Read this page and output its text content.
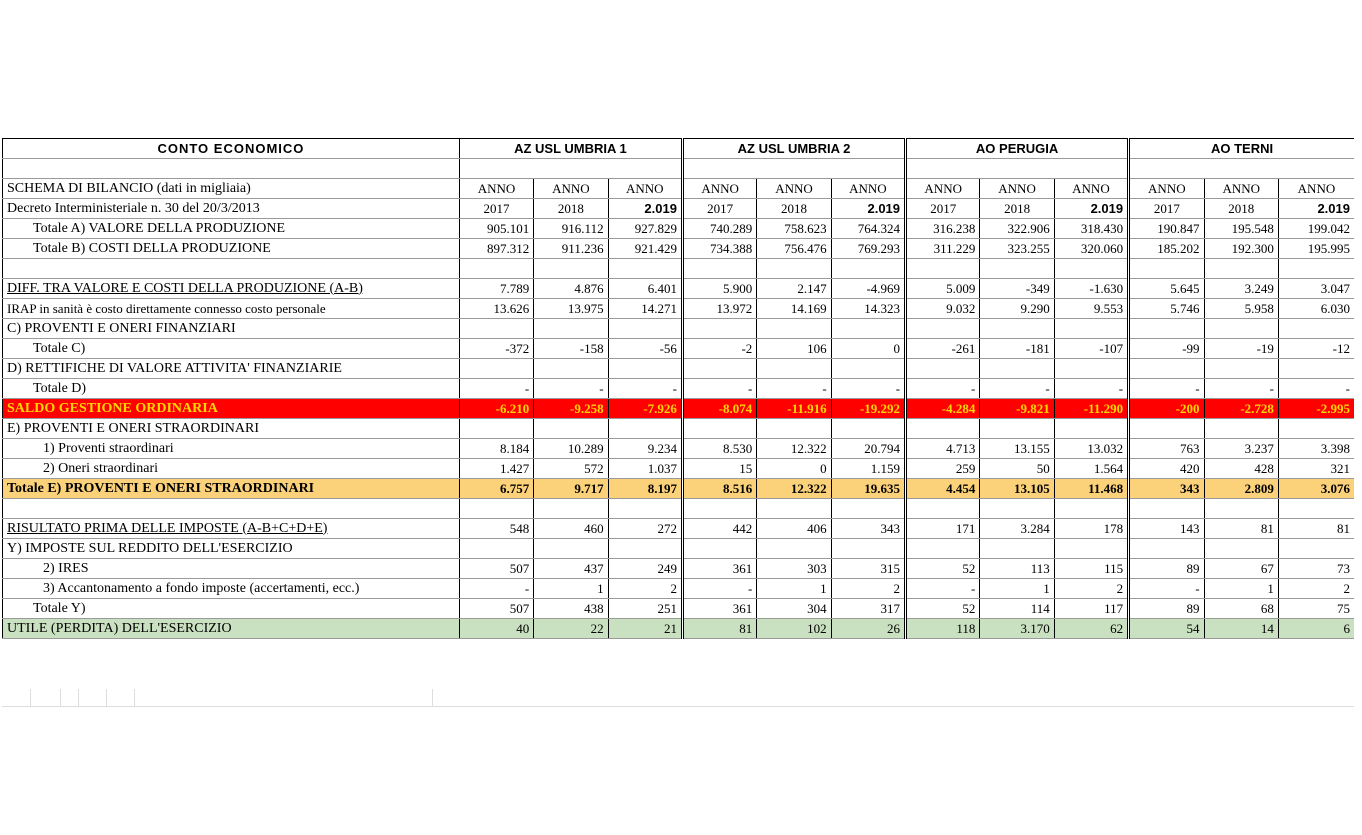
CONTO ECONOMICO	AZ USL UMBRIA 1			AZ USL UMBRIA 2			AO PERUGIA			AO TERNI		

SCHEMA DI BILANCIO (dati in migliaia)	ANNO	ANNO	ANNO	ANNO	ANNO	ANNO	ANNO	ANNO	ANNO	ANNO	ANNO	ANNO
Decreto Interministeriale n. 30 del 20/3/2013	2017	2018	2.019	2017	2018	2.019	2017	2018	2.019	2017	2018	2.019
Totale A) VALORE DELLA PRODUZIONE	905.101	916.112	927.829	740.289	758.623	764.324	316.238	322.906	318.430	190.847	195.548	199.042
Totale B) COSTI DELLA PRODUZIONE	897.312	911.236	921.429	734.388	756.476	769.293	311.229	323.255	320.060	185.202	192.300	195.995

DIFF. TRA VALORE E COSTI DELLA PRODUZIONE (A-B)	7.789	4.876	6.401	5.900	2.147	-4.969	5.009	-349	-1.630	5.645	3.249	3.047
IRAP in sanità è costo direttamente connesso costo personale	13.626	13.975	14.271	13.972	14.169	14.323	9.032	9.290	9.553	5.746	5.958	6.030
C) PROVENTI E ONERI FINANZIARI												
Totale C)	-372	-158	-56	-2	106	0	-261	-181	-107	-99	-19	-12
D) RETTIFICHE DI VALORE ATTIVITA' FINANZIARIE												
Totale D)	-	-	-	-	-	-	-	-	-	-	-	-
SALDO GESTIONE ORDINARIA	-6.210	-9.258	-7.926	-8.074	-11.916	-19.292	-4.284	-9.821	-11.290	-200	-2.728	-2.995
E) PROVENTI E ONERI STRAORDINARI												
1) Proventi straordinari	8.184	10.289	9.234	8.530	12.322	20.794	4.713	13.155	13.032	763	3.237	3.398
2) Oneri straordinari	1.427	572	1.037	15	0	1.159	259	50	1.564	420	428	321
Totale E) PROVENTI E ONERI STRAORDINARI	6.757	9.717	8.197	8.516	12.322	19.635	4.454	13.105	11.468	343	2.809	3.076

RISULTATO PRIMA DELLE IMPOSTE (A-B+C+D+E)	548	460	272	442	406	343	171	3.284	178	143	81	81
Y) IMPOSTE SUL REDDITO DELL'ESERCIZIO												
2) IRES	507	437	249	361	303	315	52	113	115	89	67	73
3) Accantonamento a fondo imposte (accertamenti, ecc.)	-	1	2	-	1	2	-	1	2	-	1	2
Totale Y)	507	438	251	361	304	317	52	114	117	89	68	75
UTILE (PERDITA) DELL'ESERCIZIO	40	22	21	81	102	26	118	3.170	62	54	14	6
